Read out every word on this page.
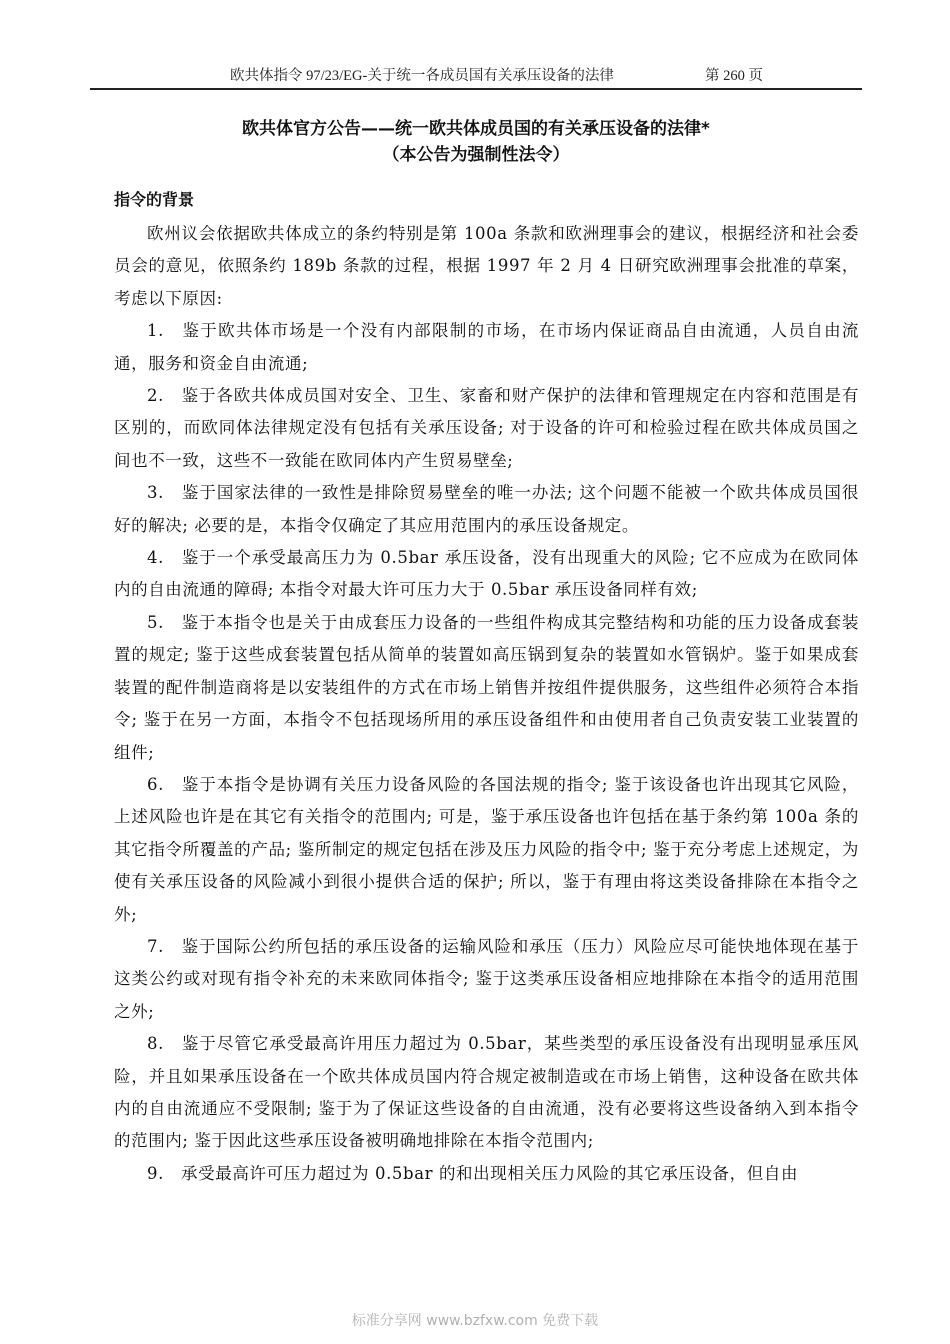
欧共体指令 97/23/EG-关于统一各成员国有关承压设备的法律	第 260 页
欧共体官方公告——统一欧共体成员国的有关承压设备的法律*
（本公告为强制性法令）
指令的背景

欧州议会依据欧共体成立的条约特别是第 100a 条款和欧洲理事会的建议，根据经济和社会委员会的意见，依照条约 189b 条款的过程，根据 1997 年 2 月 4 日研究欧洲理事会批准的草案，考虑以下原因:

1.　鉴于欧共体市场是一个没有内部限制的市场，在市场内保证商品自由流通，人员自由流通，服务和资金自由流通;

2.　鉴于各欧共体成员国对安全、卫生、家畜和财产保护的法律和管理规定在内容和范围是有区别的，而欧同体法律规定没有包括有关承压设备; 对于设备的许可和检验过程在欧共体成员国之间也不一致，这些不一致能在欧同体内产生贸易壁垒;

3.　鉴于国家法律的一致性是排除贸易壁垒的唯一办法; 这个问题不能被一个欧共体成员国很好的解决; 必要的是，本指令仅确定了其应用范围内的承压设备规定。

4.　鉴于一个承受最高压力为 0.5bar 承压设备，没有出现重大的风险; 它不应成为在欧同体内的自由流通的障碍; 本指令对最大许可压力大于 0.5bar 承压设备同样有效;

5.　鉴于本指令也是关于由成套压力设备的一些组件构成其完整结构和功能的压力设备成套装置的规定; 鉴于这些成套装置包括从简单的装置如高压锅到复杂的装置如水管锅炉。鉴于如果成套装置的配件制造商将是以安装组件的方式在市场上销售并按组件提供服务，这些组件必须符合本指令; 鉴于在另一方面，本指令不包括现场所用的承压设备组件和由使用者自己负责安装工业装置的组件;

6.　鉴于本指令是协调有关压力设备风险的各国法规的指令; 鉴于该设备也许出现其它风险，上述风险也许是在其它有关指令的范围内; 可是，鉴于承压设备也许包括在基于条约第 100a 条的其它指令所覆盖的产品; 鉴所制定的规定包括在涉及压力风险的指令中; 鉴于充分考虑上述规定，为使有关承压设备的风险减小到很小提供合适的保护; 所以，鉴于有理由将这类设备排除在本指令之外;

7.　鉴于国际公约所包括的承压设备的运输风险和承压（压力）风险应尽可能快地体现在基于这类公约或对现有指令补充的未来欧同体指令; 鉴于这类承压设备相应地排除在本指令的适用范围之外;

8.　鉴于尽管它承受最高许用压力超过为 0.5bar，某些类型的承压设备没有出现明显承压风险，并且如果承压设备在一个欧共体成员国内符合规定被制造或在市场上销售，这种设备在欧共体内的自由流通应不受限制; 鉴于为了保证这些设备的自由流通，没有必要将这些设备纳入到本指令的范围内; 鉴于因此这些承压设备被明确地排除在本指令范围内;

9.　承受最高许可压力超过为 0.5bar 的和出现相关压力风险的其它承压设备，但自由

标准分享网 www.bzfxw.com 免费下载
